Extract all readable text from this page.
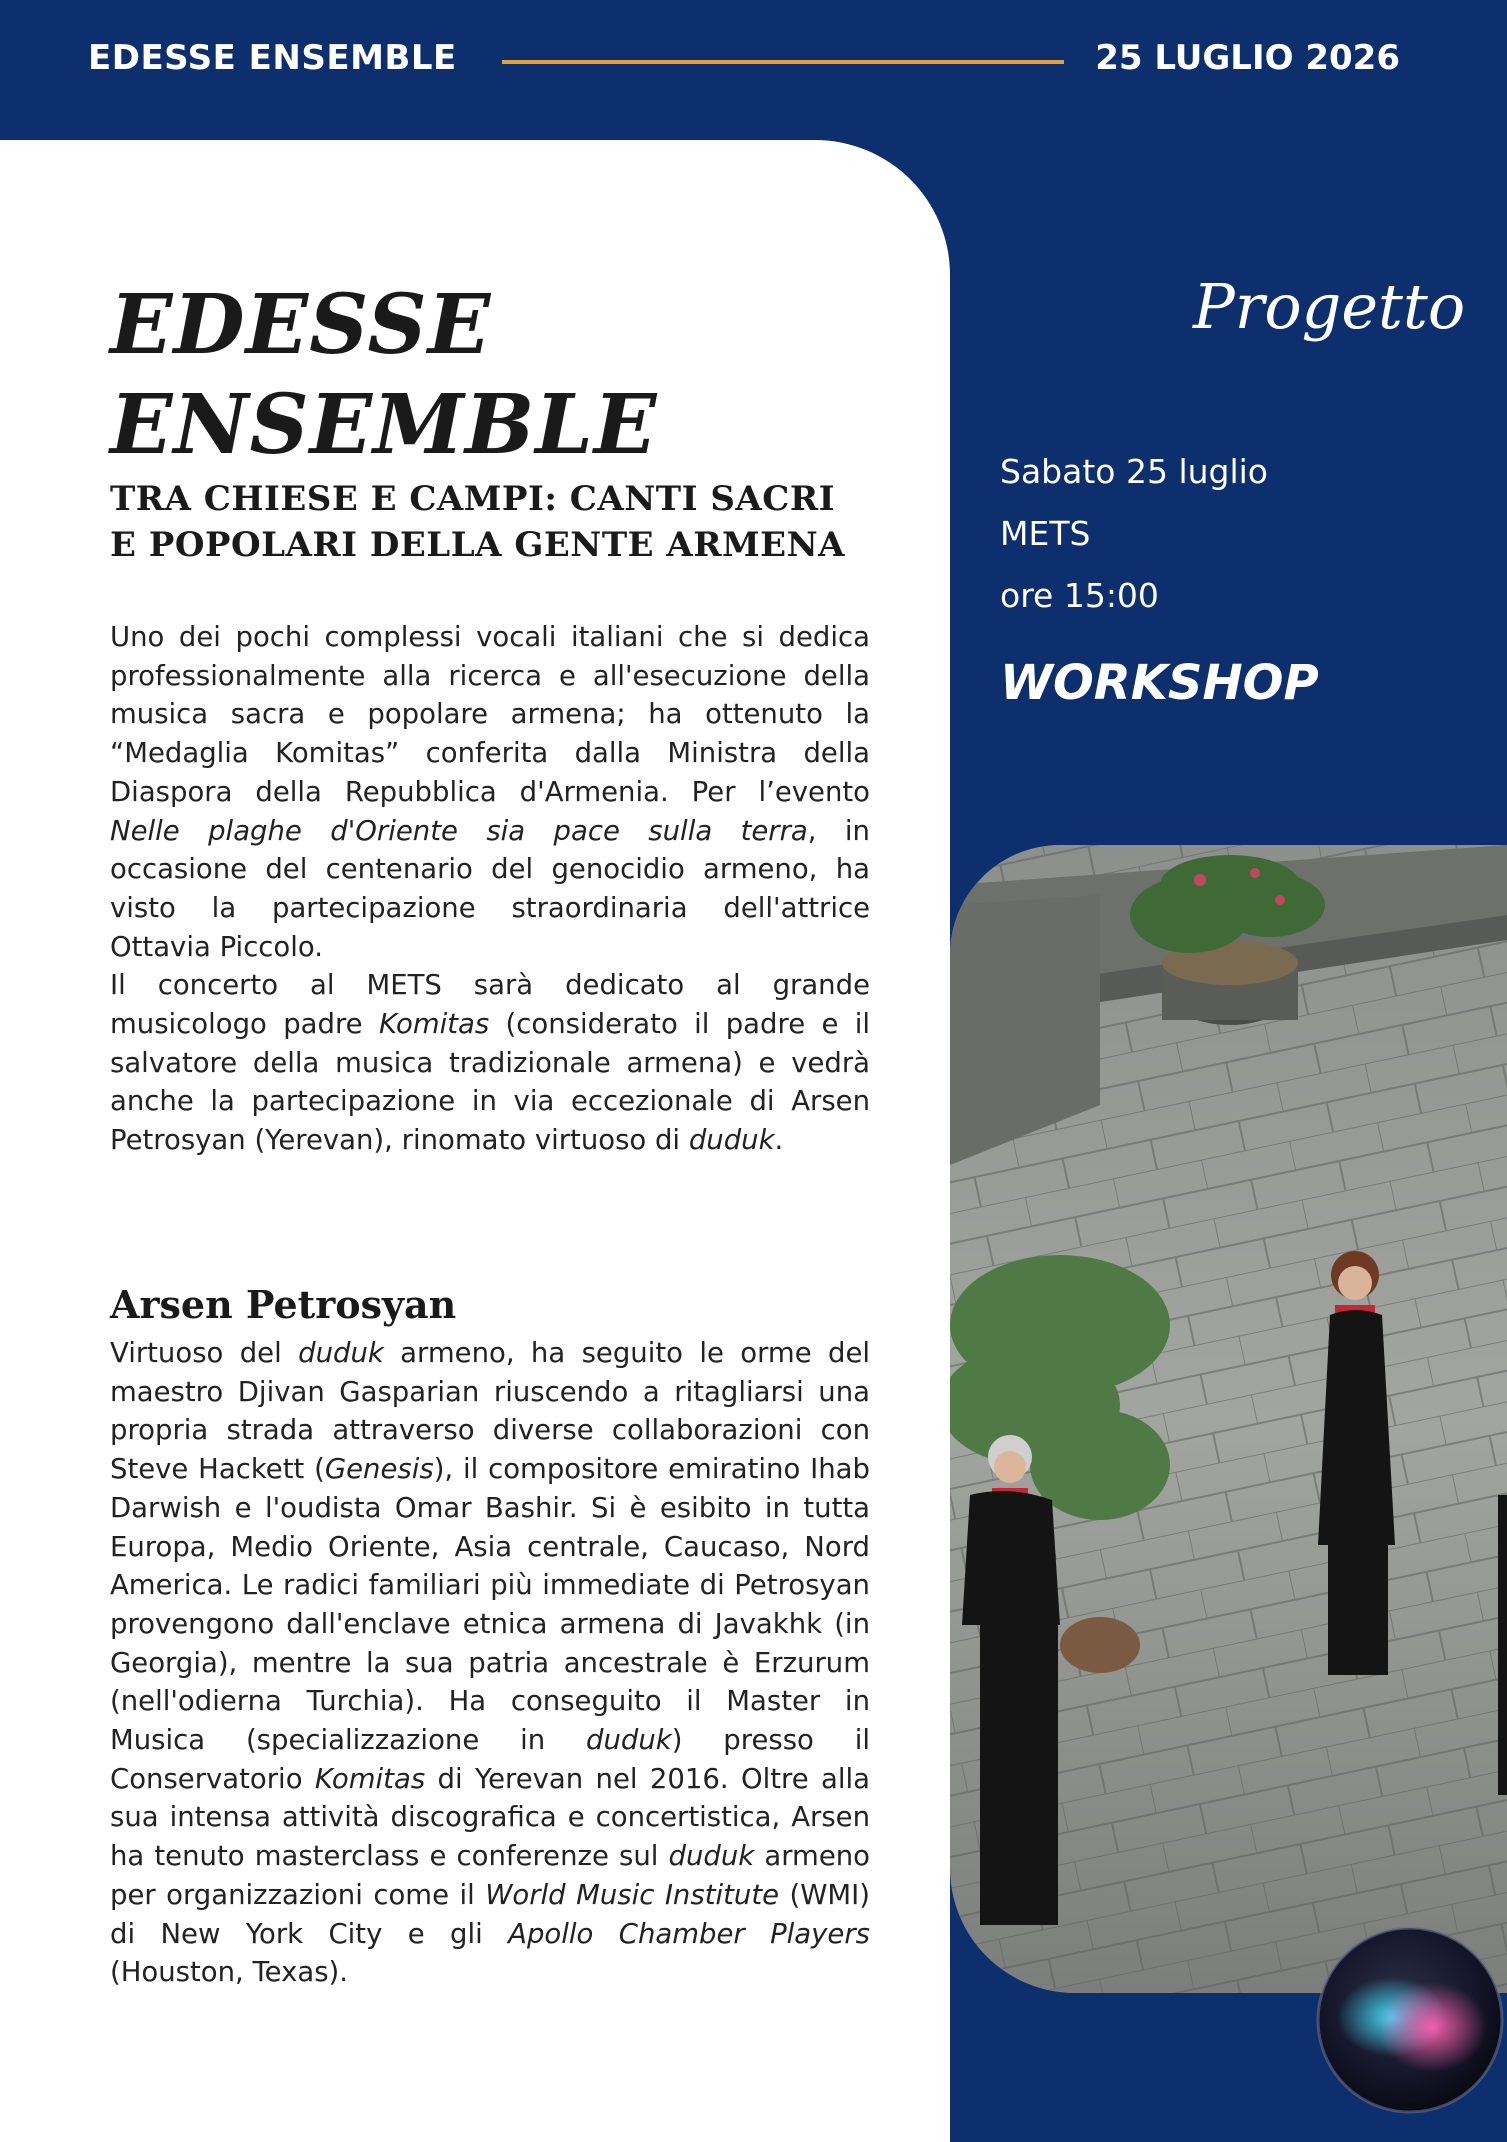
EDESSE ENSEMBLE	25 LUGLIO 2026
EDESSE
ENSEMBLE
TRA CHIESE E CAMPI: CANTI SACRI
E POPOLARI DELLA GENTE ARMENA

Uno dei pochi complessi vocali italiani che si dedica professionalmente alla ricerca e all'esecuzione della musica sacra e popolare armena; ha ottenuto la “Medaglia Komitas” conferita dalla Ministra della Diaspora della Repubblica d'Armenia. Per l’evento Nelle plaghe d'Oriente sia pace sulla terra, in occasione del centenario del genocidio armeno, ha visto la partecipazione straordinaria dell'attrice Ottavia Piccolo.

Il concerto al METS sarà dedicato al grande musicologo padre Komitas (considerato il padre e il salvatore della musica tradizionale armena) e vedrà anche la partecipazione in via eccezionale di Arsen Petrosyan (Yerevan), rinomato virtuoso di duduk.

Arsen Petrosyan

Virtuoso del duduk armeno, ha seguito le orme del maestro Djivan Gasparian riuscendo a ritagliarsi una propria strada attraverso diverse collaborazioni con Steve Hackett (Genesis), il compositore emiratino Ihab Darwish e l'oudista Omar Bashir. Si è esibito in tutta Europa, Medio Oriente, Asia centrale, Caucaso, Nord America. Le radici familiari più immediate di Petrosyan provengono dall'enclave etnica armena di Javakhk (in Georgia), mentre la sua patria ancestrale è Erzurum (nell'odierna Turchia). Ha conseguito il Master in Musica (specializzazione in duduk) presso il Conservatorio Komitas di Yerevan nel 2016. Oltre alla sua intensa attività discografica e concertistica, Arsen ha tenuto masterclass e conferenze sul duduk armeno per organizzazioni come il World Music Institute (WMI) di New York City e gli Apollo Chamber Players (Houston, Texas).

Progetto
Sabato 25 luglio
METS
ore 15:00
WORKSHOP
